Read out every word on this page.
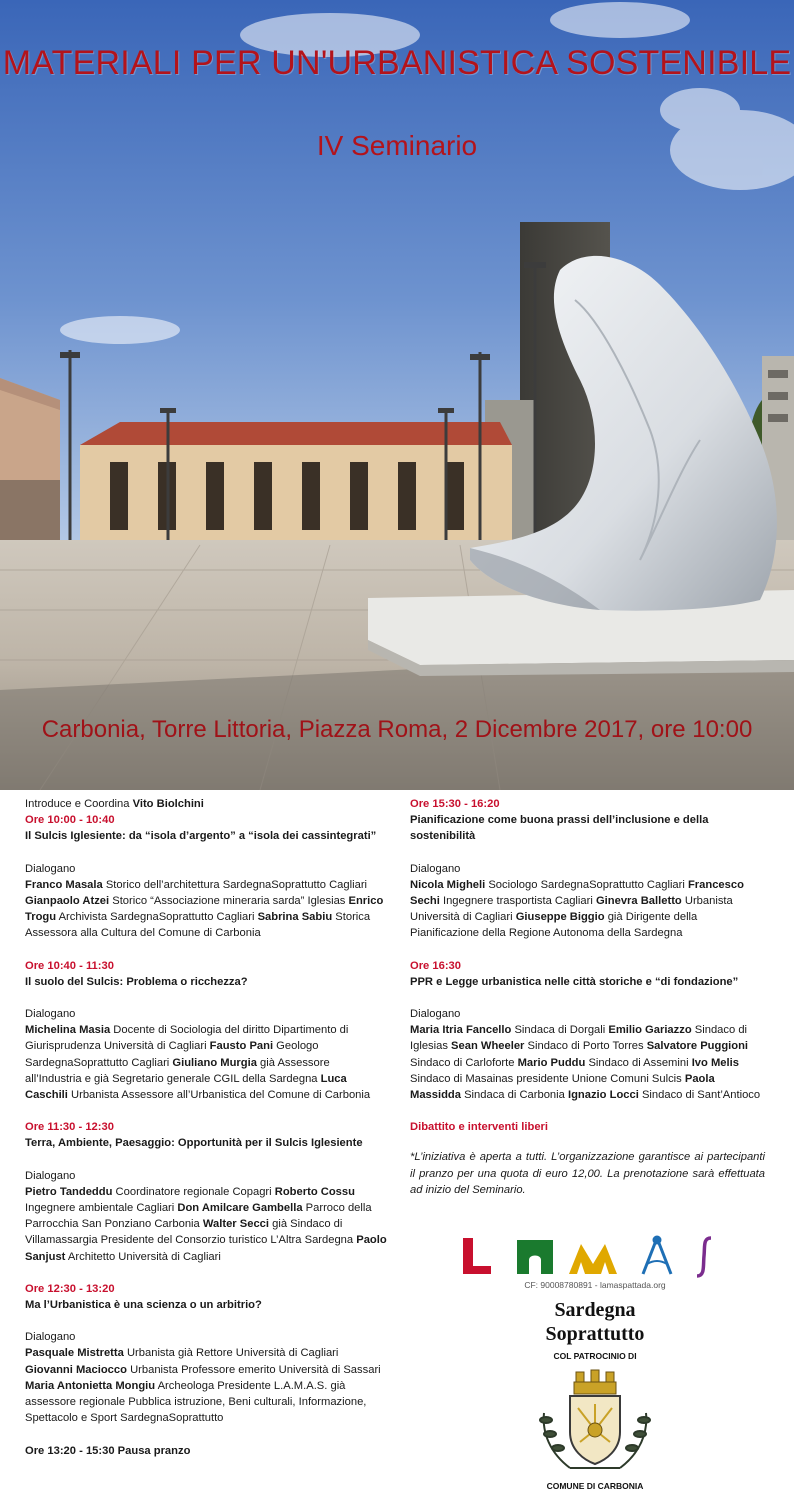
MATERIALI PER UN'URBANISTICA SOSTENIBILE
IV Seminario
Carbonia, Torre Littoria, Piazza Roma, 2 Dicembre 2017, ore 10:00
Introduce e Coordina Vito Biolchini
Ore 10:00 - 10:40
Il Sulcis Iglesiente: da “isola d’argento” a “isola dei cassintegrati”
Dialogano
Franco Masala Storico dell’architettura SardegnaSoprattutto Cagliari Gianpaolo Atzei Storico “Associazione mineraria sarda” Iglesias Enrico Trogu Archivista SardegnaSoprattutto Cagliari Sabrina Sabiu Storica Assessora alla Cultura del Comune di Carbonia
Ore 10:40 - 11:30
Il suolo del Sulcis: Problema o ricchezza?
Dialogano
Michelina Masia Docente di Sociologia del diritto Dipartimento di Giurisprudenza Università di Cagliari Fausto Pani Geologo SardegnaSoprattutto Cagliari Giuliano Murgia già Assessore all’Industria e già Segretario generale CGIL della Sardegna Luca Caschili Urbanista Assessore all’Urbanistica del Comune di Carbonia
Ore 11:30 - 12:30
Terra, Ambiente, Paesaggio: Opportunità per il Sulcis Iglesiente
Dialogano
Pietro Tandeddu Coordinatore regionale Copagri Roberto Cossu Ingegnere ambientale Cagliari Don Amilcare Gambella Parroco della Parrocchia San Ponziano Carbonia Walter Secci già Sindaco di Villamassargia Presidente del Consorzio turistico L’Altra Sardegna Paolo Sanjust Architetto Università di Cagliari
Ore 12:30 - 13:20
Ma l’Urbanistica è una scienza o un arbitrio?
Dialogano
Pasquale Mistretta Urbanista già Rettore Università di Cagliari Giovanni Maciocco Urbanista Professore emerito Università di Sassari Maria Antonietta Mongiu Archeologa Presidente L.A.M.A.S. già assessore regionale Pubblica istruzione, Beni culturali, Informazione, Spettacolo e Sport SardegnaSoprattutto
Ore 13:20 - 15:30 Pausa pranzo
Ore 15:30 - 16:20
Pianificazione come buona prassi dell’inclusione e della sostenibilità
Dialogano
Nicola Migheli Sociologo SardegnaSoprattutto Cagliari Francesco Sechi Ingegnere trasportista Cagliari Ginevra Balletto Urbanista Università di Cagliari Giuseppe Biggio già Dirigente della Pianificazione della Regione Autonoma della Sardegna
Ore 16:30
PPR e Legge urbanistica nelle città storiche e “di fondazione”
Dialogano
Maria Itria Fancello Sindaca di Dorgali Emilio Gariazzo Sindaco di Iglesias Sean Wheeler Sindaco di Porto Torres Salvatore Puggioni Sindaco di Carloforte Mario Puddu Sindaco di Assemini Ivo Melis Sindaco di Masainas presidente Unione Comuni Sulcis Paola Massidda Sindaca di Carbonia Ignazio Locci Sindaco di Sant’Antioco
Dibattito e interventi liberi
*L’iniziativa è aperta a tutti. L’organizzazione garantisce ai partecipanti il pranzo per una quota di euro 12,00. La prenotazione sarà effettuata ad inizio del Seminario.
CF: 90008780891 - lamaspattada.org
Sardegna
Soprattutto
COL PATROCINIO DI
COMUNE DI CARBONIA
